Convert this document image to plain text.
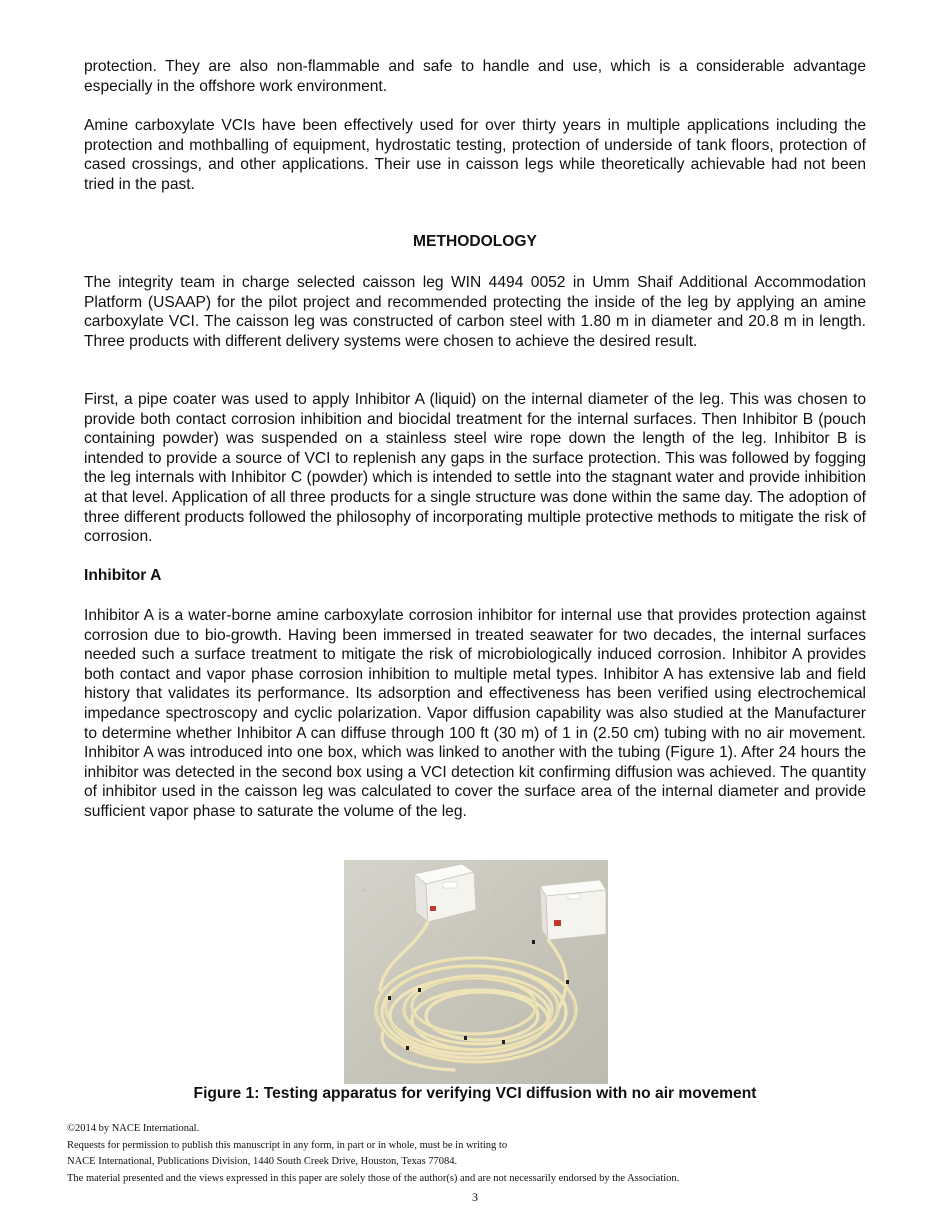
protection. They are also non-flammable and safe to handle and use, which is a considerable advantage especially in the offshore work environment.

Amine carboxylate VCIs have been effectively used for over thirty years in multiple applications including the protection and mothballing of equipment, hydrostatic testing, protection of underside of tank floors, protection of cased crossings, and other applications. Their use in caisson legs while theoretically achievable had not been tried in the past.

METHODOLOGY

The integrity team in charge selected caisson leg WIN 4494 0052 in Umm Shaif Additional Accommodation Platform (USAAP) for the pilot project and recommended protecting the inside of the leg by applying an amine carboxylate VCI. The caisson leg was constructed of carbon steel with 1.80 m in diameter and 20.8 m in length. Three products with different delivery systems were chosen to achieve the desired result.

First, a pipe coater was used to apply Inhibitor A (liquid) on the internal diameter of the leg. This was chosen to provide both contact corrosion inhibition and biocidal treatment for the internal surfaces. Then Inhibitor B (pouch containing powder) was suspended on a stainless steel wire rope down the length of the leg. Inhibitor B is intended to provide a source of VCI to replenish any gaps in the surface protection. This was followed by fogging the leg internals with Inhibitor C (powder) which is intended to settle into the stagnant water and provide inhibition at that level. Application of all three products for a single structure was done within the same day. The adoption of three different products followed the philosophy of incorporating multiple protective methods to mitigate the risk of corrosion.

Inhibitor A

Inhibitor A is a water-borne amine carboxylate corrosion inhibitor for internal use that provides protection against corrosion due to bio-growth. Having been immersed in treated seawater for two decades, the internal surfaces needed such a surface treatment to mitigate the risk of microbiologically induced corrosion. Inhibitor A provides both contact and vapor phase corrosion inhibition to multiple metal types. Inhibitor A has extensive lab and field history that validates its performance. Its adsorption and effectiveness has been verified using electrochemical impedance spectroscopy and cyclic polarization. Vapor diffusion capability was also studied at the Manufacturer to determine whether Inhibitor A can diffuse through 100 ft (30 m) of 1 in (2.50 cm) tubing with no air movement. Inhibitor A was introduced into one box, which was linked to another with the tubing (Figure 1). After 24 hours the inhibitor was detected in the second box using a VCI detection kit confirming diffusion was achieved. The quantity of inhibitor used in the caisson leg was calculated to cover the surface area of the internal diameter and provide sufficient vapor phase to saturate the volume of the leg.

Figure 1: Testing apparatus for verifying VCI diffusion with no air movement

©2014 by NACE International.
Requests for permission to publish this manuscript in any form, in part or in whole, must be in writing to
NACE International, Publications Division, 1440 South Creek Drive, Houston, Texas 77084.
The material presented and the views expressed in this paper are solely those of the author(s) and are not necessarily endorsed by the Association.
3
